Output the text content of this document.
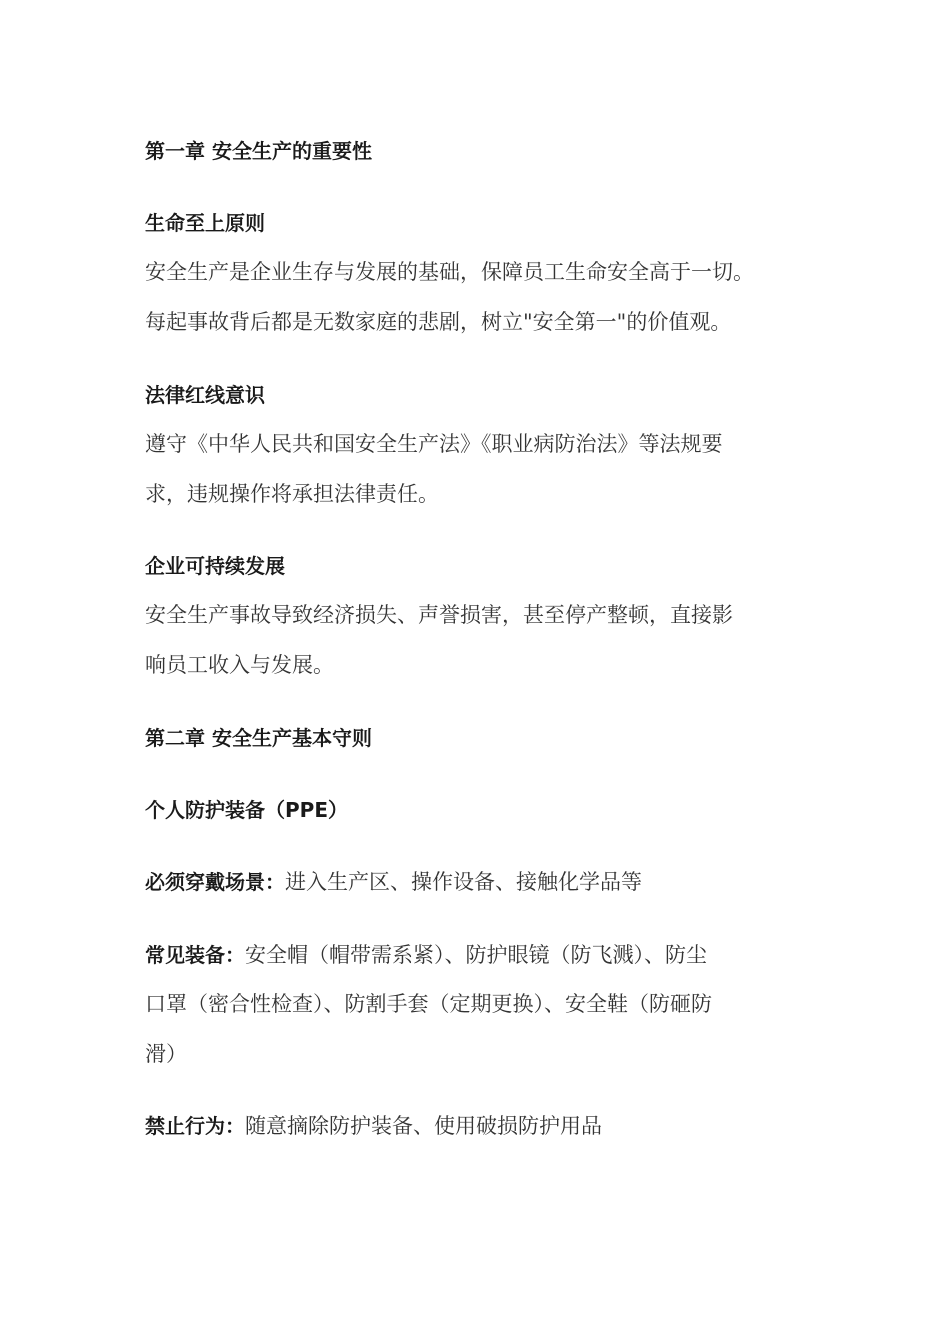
第一章 安全生产的重要性
生命至上原则
安全生产是企业生存与发展的基础，保障员工生命安全高于一切。
每起事故背后都是无数家庭的悲剧，树立"安全第一"的价值观。
法律红线意识
遵守《中华人民共和国安全生产法》《职业病防治法》等法规要
求，违规操作将承担法律责任。
企业可持续发展
安全生产事故导致经济损失、声誉损害，甚至停产整顿，直接影
响员工收入与发展。
第二章 安全生产基本守则
个人防护装备（PPE）
必须穿戴场景：进入生产区、操作设备、接触化学品等
常见装备：安全帽（帽带需系紧）、防护眼镜（防飞溅）、防尘
口罩（密合性检查）、防割手套（定期更换）、安全鞋（防砸防
滑）
禁止行为：随意摘除防护装备、使用破损防护用品
